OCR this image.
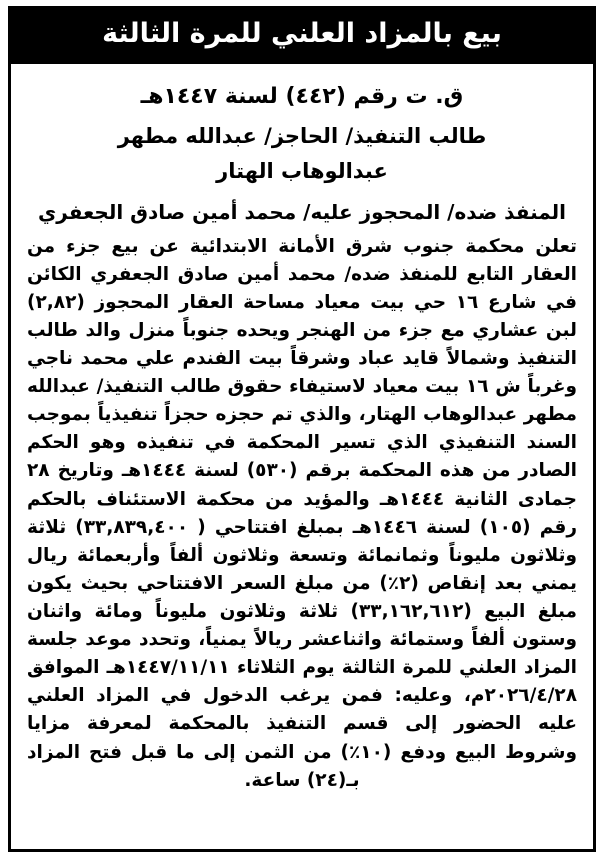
بيع بالمزاد العلني للمرة الثالثة
ق. ت رقم (٤٤٢) لسنة ١٤٤٧هـ
طالب التنفيذ/ الحاجز/ عبدالله مطهر
عبدالوهاب الهتار
المنفذ ضده/ المحجوز عليه/ محمد أمين صادق الجعفري
تعلن محكمة جنوب شرق الأمانة الابتدائية عن بيع جزء من العقار التابع للمنفذ ضده/ محمد أمين صادق الجعفري الكائن في شارع ١٦ حي بيت معياد مساحة العقار المحجوز (٢,٨٢) لبن عشاري مع جزء من الهنجر ويحده جنوباً منزل والد طالب التنفيذ وشمالاً قايد عباد وشرقاً بيت الفندم علي محمد ناجي وغرباً ش ١٦ بيت معياد لاستيفاء حقوق طالب التنفيذ/ عبدالله مطهر عبدالوهاب الهتار، والذي تم حجزه حجزاً تنفيذياً بموجب السند التنفيذي الذي تسير المحكمة في تنفيذه وهو الحكم الصادر من هذه المحكمة برقم (٥٣٠) لسنة ١٤٤٤هـ وتاريخ ٢٨ جمادى الثانية ١٤٤٤هـ والمؤيد من محكمة الاستئناف بالحكم رقم (١٠٥) لسنة ١٤٤٦هـ بمبلغ افتتاحي ( ٣٣,٨٣٩,٤٠٠) ثلاثة وثلاثون مليوناً وثمانمائة وتسعة وثلاثون ألفاً وأربعمائة ريال يمني بعد إنقاص (٢٪) من مبلغ السعر الافتتاحي بحيث يكون مبلغ البيع (٣٣,١٦٢,٦١٢) ثلاثة وثلاثون مليوناً ومائة واثنان وستون ألفاً وستمائة واثناعشر ريالاً يمنياً، وتحدد موعد جلسة المزاد العلني للمرة الثالثة يوم الثلاثاء ١٤٤٧/١١/١١هـ الموافق ٢٠٢٦/٤/٢٨م، وعليه: فمن يرغب الدخول في المزاد العلني عليه الحضور إلى قسم التنفيذ بالمحكمة لمعرفة مزايا وشروط البيع ودفع (١٠٪) من الثمن إلى ما قبل فتح المزاد بـ(٢٤) ساعة.
